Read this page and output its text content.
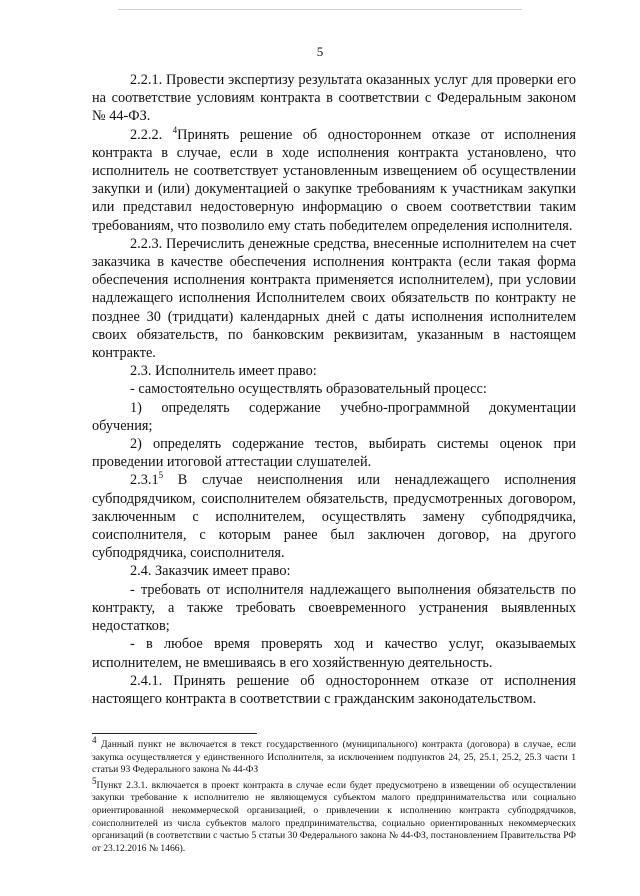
5

2.2.1. Провести экспертизу результата оказанных услуг для проверки его на соответствие условиям контракта в соответствии с Федеральным законом № 44-ФЗ.

2.2.2. $^4$Принять решение об одностороннем отказе от исполнения контракта в случае, если в ходе исполнения контракта установлено, что исполнитель не соответствует установленным извещением об осуществлении закупки и (или) документацией о закупке требованиям к участникам закупки или представил недостоверную информацию о своем соответствии таким требованиям, что позволило ему стать победителем определения исполнителя.

2.2.3. Перечислить денежные средства, внесенные исполнителем на счет заказчика в качестве обеспечения исполнения контракта (если такая форма обеспечения исполнения контракта применяется исполнителем), при условии надлежащего исполнения Исполнителем своих обязательств по контракту не позднее 30 (тридцати) календарных дней с даты исполнения исполнителем своих обязательств, по банковским реквизитам, указанным в настоящем контракте.

2.3. Исполнитель имеет право:

- самостоятельно осуществлять образовательный процесс:

1) определять содержание учебно-программной документации обучения;

2) определять содержание тестов, выбирать системы оценок при проведении итоговой аттестации слушателей.

2.3.1$^5$ В случае неисполнения или ненадлежащего исполнения субподрядчиком, соисполнителем обязательств, предусмотренных договором, заключенным с исполнителем, осуществлять замену субподрядчика, соисполнителя, с которым ранее был заключен договор, на другого субподрядчика, соисполнителя.

2.4. Заказчик имеет право:

- требовать от исполнителя надлежащего выполнения обязательств по контракту, а также требовать своевременного устранения выявленных недостатков;

- в любое время проверять ход и качество услуг, оказываемых исполнителем, не вмешиваясь в его хозяйственную деятельность.

2.4.1. Принять решение об одностороннем отказе от исполнения настоящего контракта в соответствии с гражданским законодательством.

$^4$ Данный пункт не включается в текст государственного (муниципального) контракта (договора) в случае, если закупка осуществляется у единственного Исполнителя, за исключением подпунктов 24, 25, 25.1, 25.2, 25.3 части 1 статьи 93 Федерального закона № 44-ФЗ

$^5$Пункт 2.3.1. включается в проект контракта в случае если будет предусмотрено в извещении об осуществлении закупки требование к исполнителю не являющемуся субъектом малого предпринимательства или социально ориентированной некоммерческой организацией, о привлечении к исполнению контракта субподрядчиков, соисполнителей из числа субъектов малого предпринимательства, социально ориентированных некоммерческих организаций (в соответствии с частью 5 статьи 30 Федерального закона № 44-ФЗ, постановлением Правительства РФ от 23.12.2016 № 1466).
